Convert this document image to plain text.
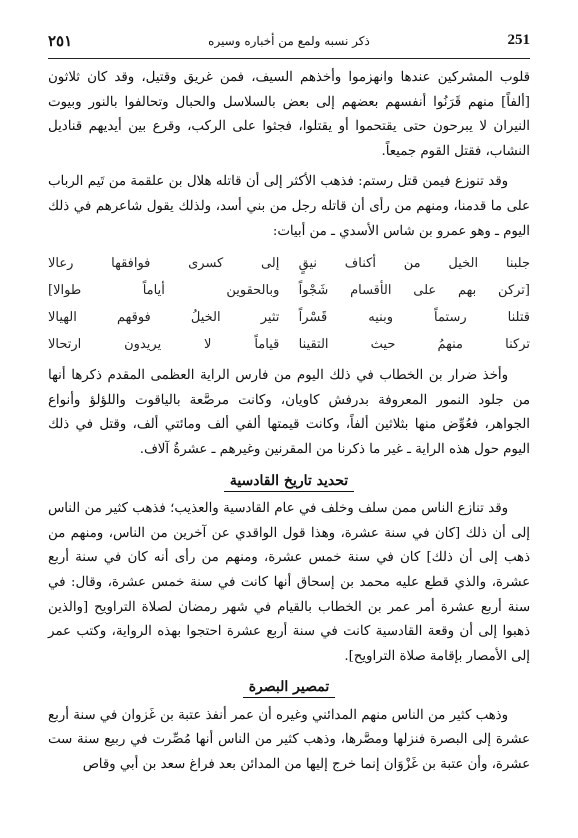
٢٥١	ذكر نسبه ولمع من أخباره وسيره	251

قلوب المشركين عندها وانهزموا وأخذهم السيف، فمن غريق وقتيل، وقد كان ثلاثون [ألفاً] منهم قَرَنُوا أنفسهم بعضهم إلى بعض بالسلاسل والحبال وتحالفوا بالنور وبيوت النيران لا يبرحون حتى يقتحموا أو يقتلوا، فجثوا على الركب، وقرع بين أيديهم قناديل النشاب، فقتل القوم جميعاً.

وقد تنوزع فيمن قتل رستم: فذهب الأكثر إلى أن قاتله هلال بن علقمة من تَيم الرباب على ما قدمنا، ومنهم من رأى أن قاتله رجل من بني أسد، ولذلك يقول شاعرهم في ذلك اليوم ـ وهو عمرو بن شاس الأسدي ـ من أبيات:

جلبنا الخيل من أكناف نيقٍ
إلى كسرى فوافقها رعالا
[تركن بهم على الأقسام شَجْواً
وبالحقوين أياماً طوالا]
قتلنا رستماً وبنيه قَسْراً
تثير الخيلُ فوقهم الهيالا
تركنا منهمُ حيث التقينا
قياماً لا يريدون ارتحالا

وأخذ ضرار بن الخطاب في ذلك اليوم من فارس الراية العظمى المقدم ذكرها أنها من جلود النمور المعروفة بدرفش كاويان، وكانت مرصَّعة بالياقوت واللؤلؤ وأنواع الجواهر، فعُوِّض منها بثلاثين ألفاً، وكانت قيمتها ألفي ألف ومائتي ألف، وقتل في ذلك اليوم حول هذه الراية ـ غير ما ذكرنا من المقرنين وغيرهم ـ عشرةُ آلاف.

تحديد تاريخ القادسية

وقد تنازع الناس ممن سلف وخلف في عام القادسية والعذيب؛ فذهب كثير من الناس إلى أن ذلك [كان في سنة عشرة، وهذا قول الواقدي عن آخرين من الناس، ومنهم من ذهب إلى أن ذلك] كان في سنة خمس عشرة، ومنهم من رأى أنه كان في سنة أربع عشرة، والذي قطع عليه محمد بن إسحاق أنها كانت في سنة خمس عشرة، وقال: في سنة أربع عشرة أمر عمر بن الخطاب بالقيام في شهر رمضان لصلاة التراويح [والذين ذهبوا إلى أن وقعة القادسية كانت في سنة أربع عشرة احتجوا بهذه الرواية، وكتب عمر إلى الأمصار بإقامة صلاة التراويح].

تمصير البصرة

وذهب كثير من الناس منهم المدائني وغيره أن عمر أنفذ عتبة بن غَزوان في سنة أربع عشرة إلى البصرة فنزلها ومصَّرها، وذهب كثير من الناس أنها مُصِّرت في ربيع سنة ست عشرة، وأن عتبة بن غَزْوَان إنما خرج إليها من المدائن بعد فراغ سعد بن أبي وقاص
